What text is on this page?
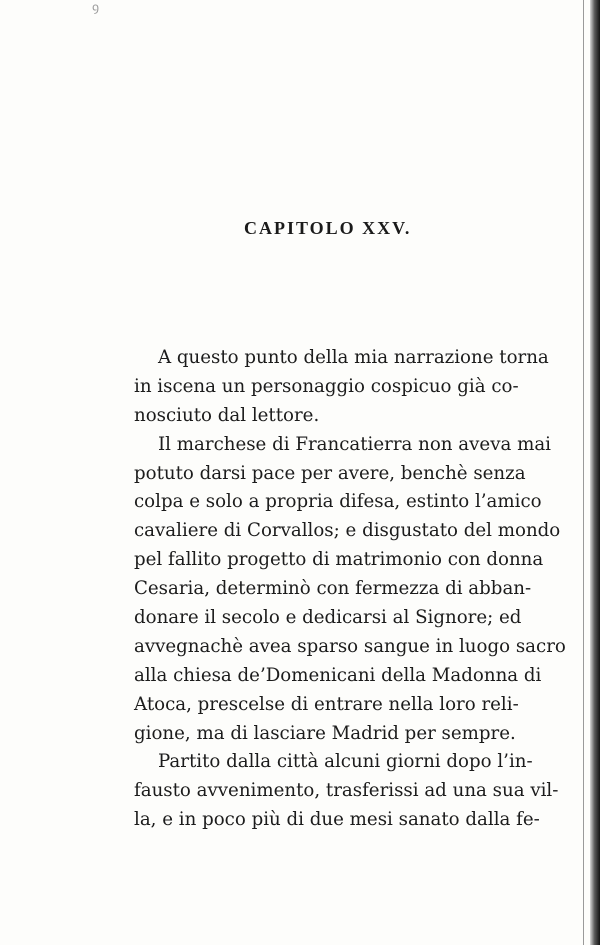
ꝯ
CAPITOLO XXV.
A questo punto della mia narrazione torna
in iscena un personaggio cospicuo già co-
nosciuto dal lettore.
Il marchese di Francatierra non aveva mai
potuto darsi pace per avere, benchè senza
colpa e solo a propria difesa, estinto l’amico
cavaliere di Corvallos; e disgustato del mondo
pel fallito progetto di matrimonio con donna
Cesaria, determinò con fermezza di abban-
donare il secolo e dedicarsi al Signore; ed
avvegnachè avea sparso sangue in luogo sacro
alla chiesa de’Domenicani della Madonna di
Atoca, prescelse di entrare nella loro reli-
gione, ma di lasciare Madrid per sempre.
Partito dalla città alcuni giorni dopo l’in-
fausto avvenimento, trasferissi ad una sua vil-
la, e in poco più di due mesi sanato dalla fe-
